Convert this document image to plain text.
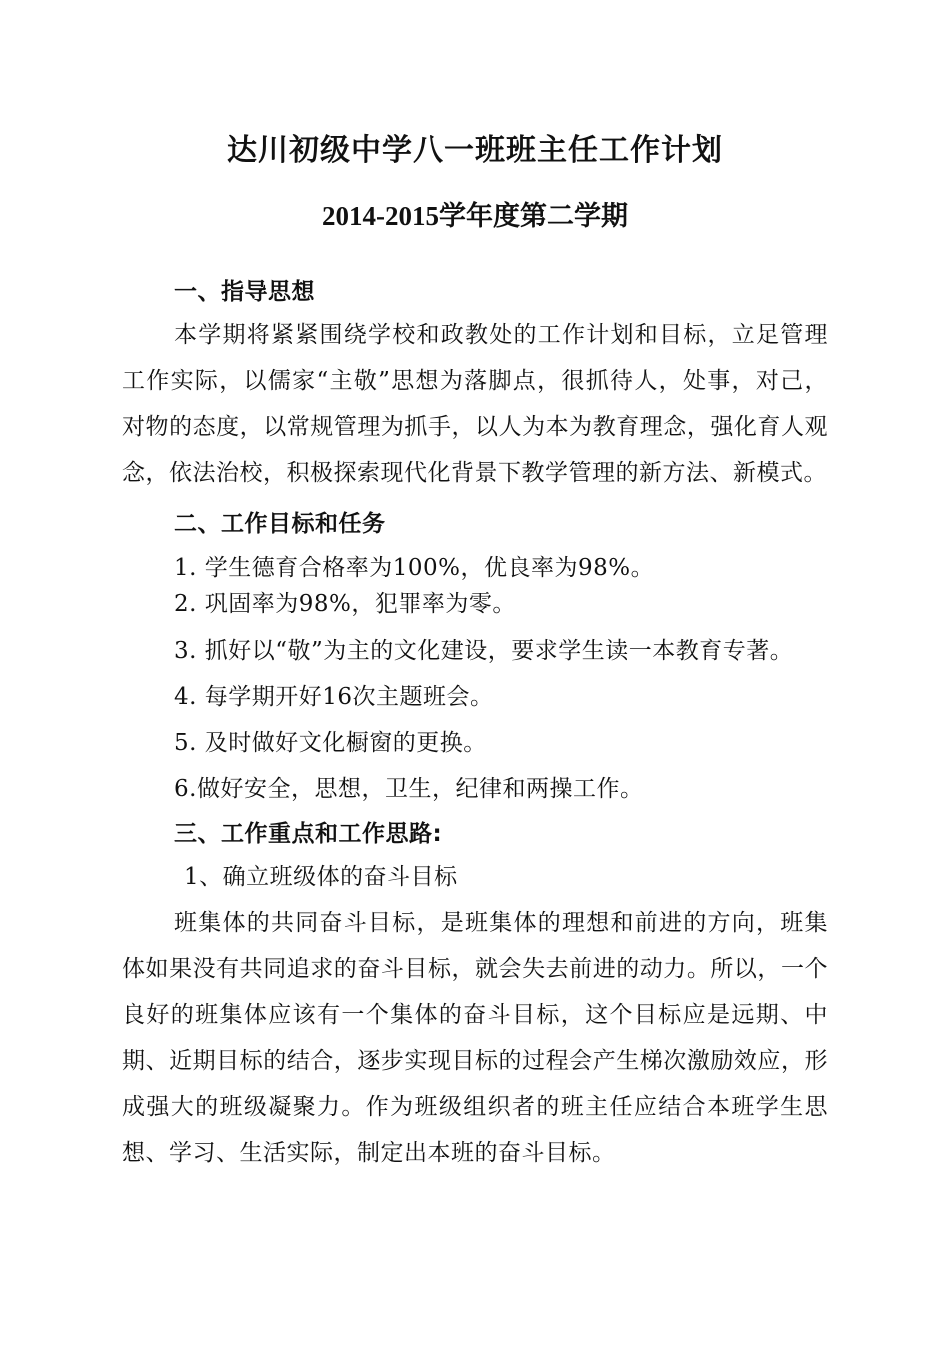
达川初级中学八一班班主任工作计划
2014-2015学年度第二学期

一、指导思想

本学期将紧紧围绕学校和政教处的工作计划和目标，立足管理工作实际，以儒家“主敬”思想为落脚点，很抓待人，处事，对己，对物的态度，以常规管理为抓手，以人为本为教育理念，强化育人观念，依法治校，积极探索现代化背景下教学管理的新方法、新模式。

二、工作目标和任务

1. 学生德育合格率为100%，优良率为98%。

2. 巩固率为98%，犯罪率为零。

3. 抓好以“敬”为主的文化建设，要求学生读一本教育专著。

4. 每学期开好16次主题班会。

5. 及时做好文化橱窗的更换。

6.做好安全，思想，卫生，纪律和两操工作。

三、工作重点和工作思路:

1、确立班级体的奋斗目标

班集体的共同奋斗目标，是班集体的理想和前进的方向，班集体如果没有共同追求的奋斗目标，就会失去前进的动力。所以，一个良好的班集体应该有一个集体的奋斗目标，这个目标应是远期、中期、近期目标的结合，逐步实现目标的过程会产生梯次激励效应，形成强大的班级凝聚力。作为班级组织者的班主任应结合本班学生思想、学习、生活实际，制定出本班的奋斗目标。
